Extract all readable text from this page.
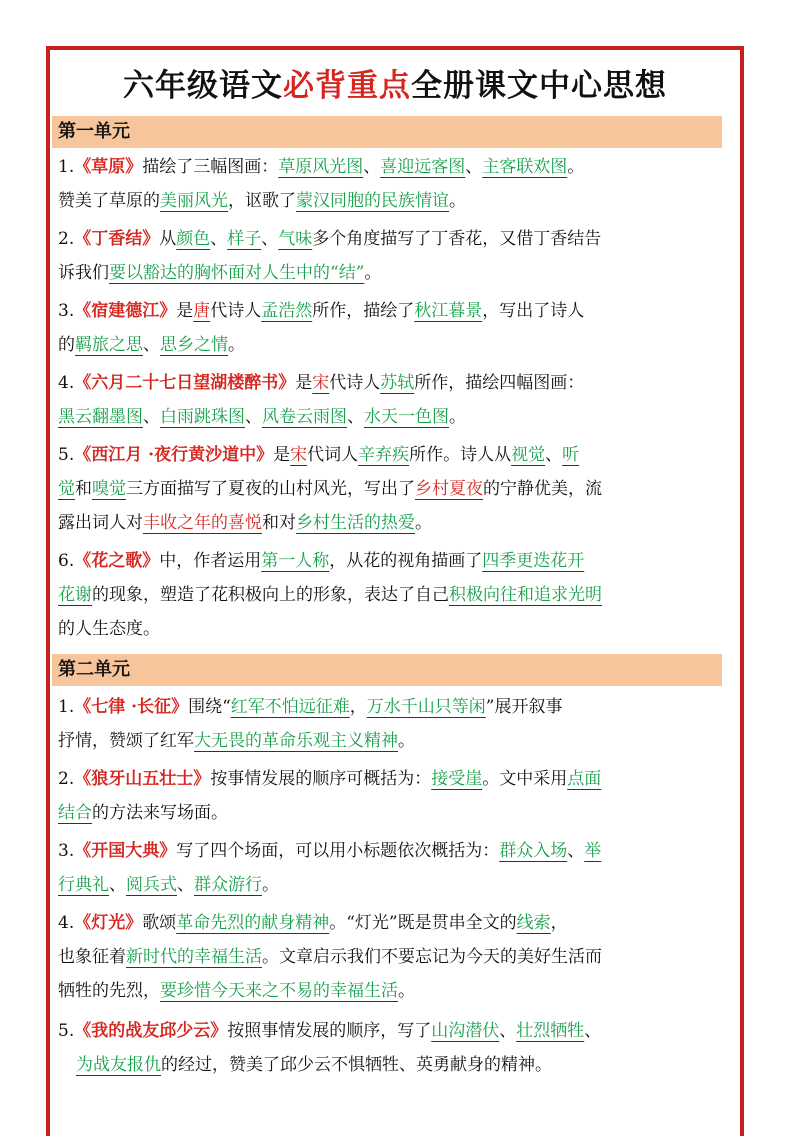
六年级语文必背重点全册课文中心思想
第一单元
1.《草原》描绘了三幅图画：草原风光图、喜迎远客图、主客联欢图。
赞美了草原的美丽风光，讴歌了蒙汉同胞的民族情谊。
2.《丁香结》从颜色、样子、气味多个角度描写了丁香花，又借丁香结告
诉我们要以豁达的胸怀面对人生中的“结”。
3.《宿建德江》是唐代诗人孟浩然所作，描绘了秋江暮景，写出了诗人
的羁旅之思、思乡之情。
4.《六月二十七日望湖楼醉书》是宋代诗人苏轼所作，描绘四幅图画：
黑云翻墨图、白雨跳珠图、风卷云雨图、水天一色图。
5.《西江月 ·夜行黄沙道中》是宋代词人辛弃疾所作。诗人从视觉、听
觉和嗅觉三方面描写了夏夜的山村风光，写出了乡村夏夜的宁静优美，流
露出词人对丰收之年的喜悦和对乡村生活的热爱。
6.《花之歌》中，作者运用第一人称，从花的视角描画了四季更迭花开
花谢的现象，塑造了花积极向上的形象，表达了自己积极向往和追求光明
的人生态度。
第二单元
1.《七律 ·长征》围绕“红军不怕远征难，万水千山只等闲”展开叙事
抒情，赞颂了红军大无畏的革命乐观主义精神。
2.《狼牙山五壮士》按事情发展的顺序可概括为：接受崖。文中采用点面
结合的方法来写场面。
3.《开国大典》写了四个场面，可以用小标题依次概括为：群众入场、举
行典礼、阅兵式、群众游行。
4.《灯光》歌颂革命先烈的献身精神。“灯光”既是贯串全文的线索，
也象征着新时代的幸福生活。文章启示我们不要忘记为今天的美好生活而
牺牲的先烈，要珍惜今天来之不易的幸福生活。
5.《我的战友邱少云》按照事情发展的顺序，写了山沟潜伏、壮烈牺牲、
为战友报仇的经过，赞美了邱少云不惧牺牲、英勇献身的精神。
